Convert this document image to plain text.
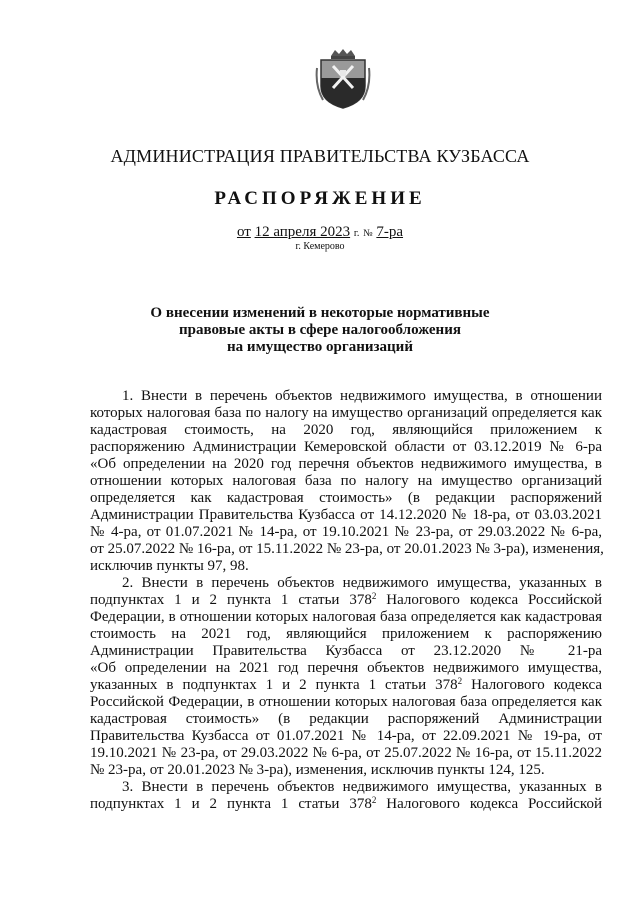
АДМИНИСТРАЦИЯ ПРАВИТЕЛЬСТВА КУЗБАССА
РАСПОРЯЖЕНИЕ
от 12 апреля 2023 г. № 7-ра
г. Кемерово
О внесении изменений в некоторые нормативные
правовые акты в сфере налогообложения
на имущество организаций
1. Внести в перечень объектов недвижимого имущества, в отношении
которых налоговая база по налогу на имущество организаций определяется как
кадастровая стоимость, на 2020 год, являющийся приложением к
распоряжению Администрации Кемеровской области от 03.12.2019 № 6-ра
«Об определении на 2020 год перечня объектов недвижимого имущества, в
отношении которых налоговая база по налогу на имущество организаций
определяется как кадастровая стоимость» (в редакции распоряжений
Администрации Правительства Кузбасса от 14.12.2020 № 18-ра, от 03.03.2021
№ 4-ра, от 01.07.2021 № 14-ра, от 19.10.2021 № 23-ра, от 29.03.2022 № 6-ра,
от 25.07.2022 № 16-ра, от 15.11.2022 № 23-ра, от 20.01.2023 № 3-ра), изменения,
исключив пункты 97, 98.
2. Внести в перечень объектов недвижимого имущества, указанных в
подпунктах 1 и 2 пункта 1 статьи $378^2$ Налогового кодекса Российской
Федерации, в отношении которых налоговая база определяется как кадастровая
стоимость на 2021 год, являющийся приложением к распоряжению
Администрации Правительства Кузбасса от 23.12.2020 № 21-ра
«Об определении на 2021 год перечня объектов недвижимого имущества,
указанных в подпунктах 1 и 2 пункта 1 статьи $378^2$ Налогового кодекса
Российской Федерации, в отношении которых налоговая база определяется как
кадастровая стоимость» (в редакции распоряжений Администрации
Правительства Кузбасса от 01.07.2021 № 14-ра, от 22.09.2021 № 19-ра, от
19.10.2021 № 23-ра, от 29.03.2022 № 6-ра, от 25.07.2022 № 16-ра, от 15.11.2022
№ 23-ра, от 20.01.2023 № 3-ра), изменения, исключив пункты 124, 125.
3. Внести в перечень объектов недвижимого имущества, указанных в
подпунктах 1 и 2 пункта 1 статьи $378^2$ Налогового кодекса Российской
